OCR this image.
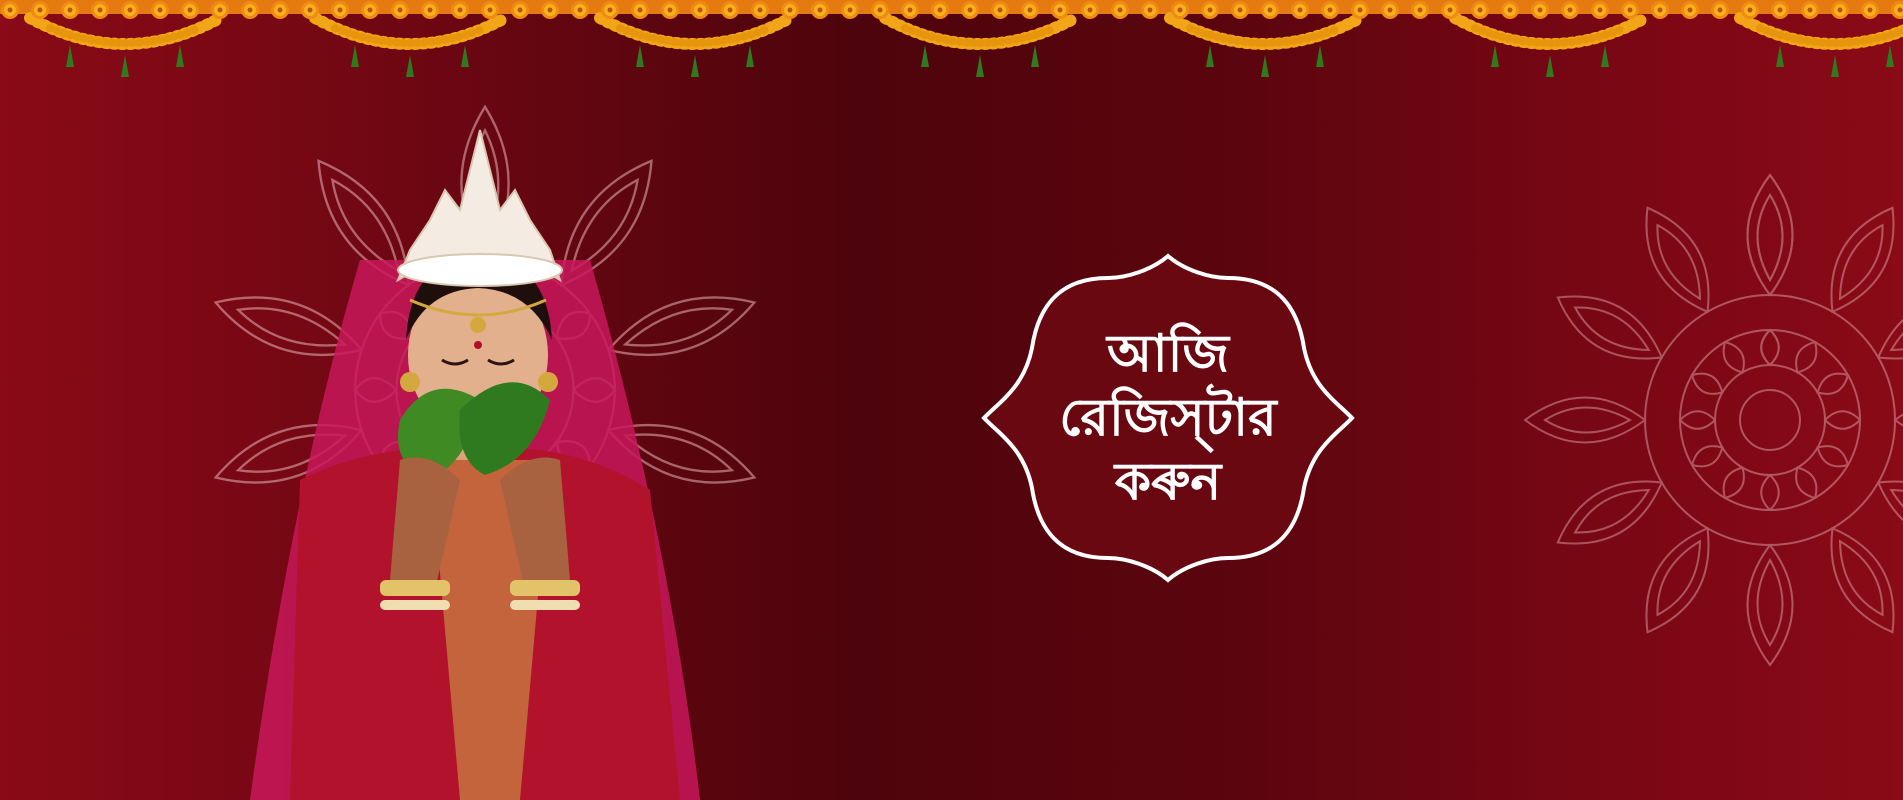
আজি
রেজিস্‌টার
কৰুন
